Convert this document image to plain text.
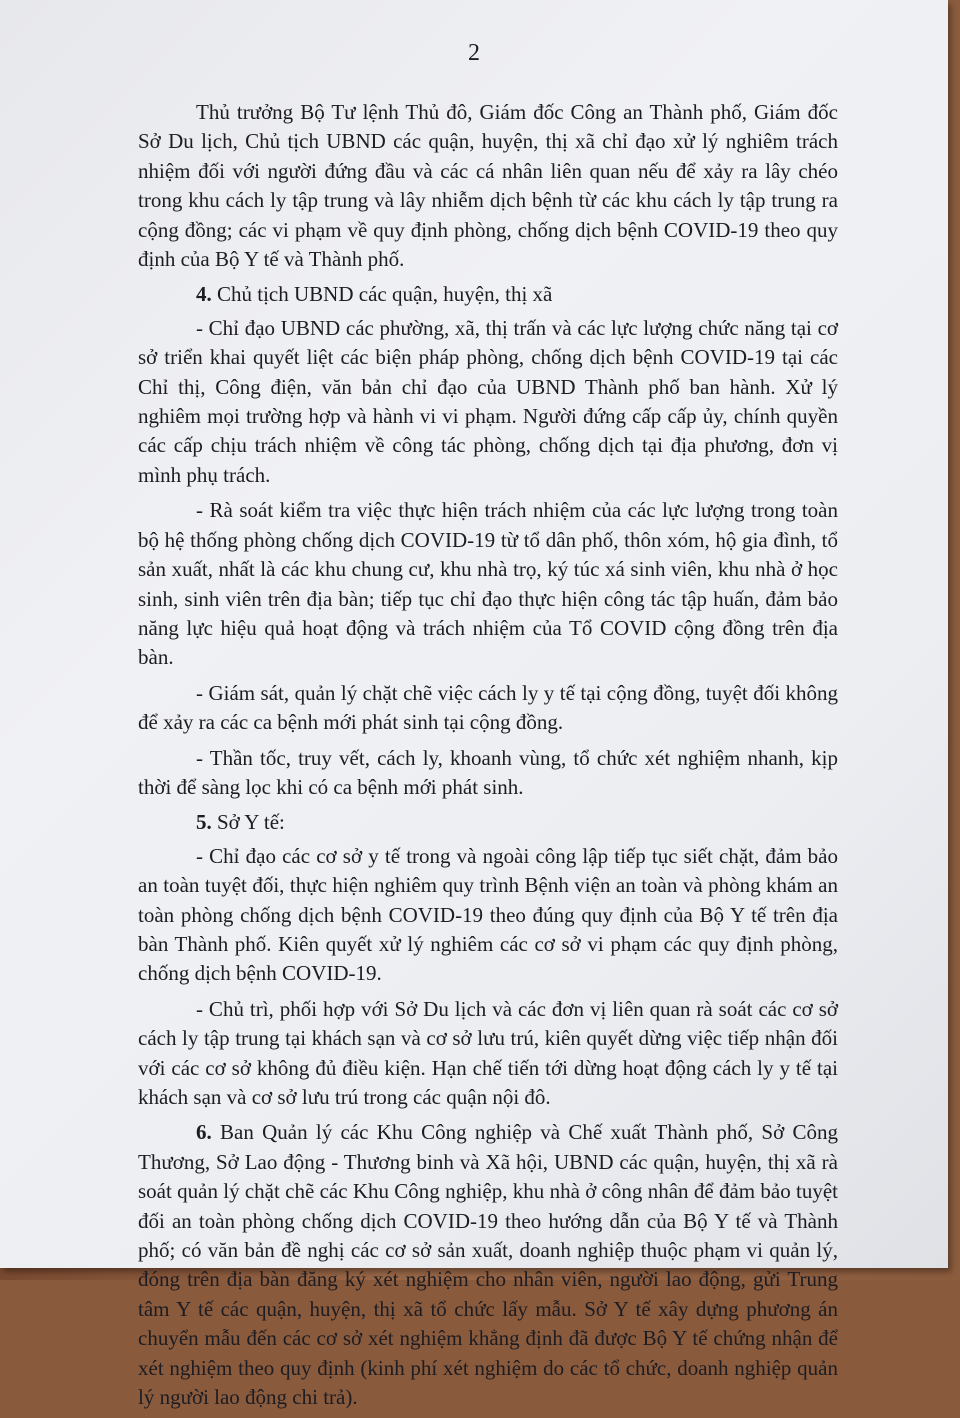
2

Thủ trưởng Bộ Tư lệnh Thủ đô, Giám đốc Công an Thành phố, Giám đốc Sở Du lịch, Chủ tịch UBND các quận, huyện, thị xã chỉ đạo xử lý nghiêm trách nhiệm đối với người đứng đầu và các cá nhân liên quan nếu để xảy ra lây chéo trong khu cách ly tập trung và lây nhiễm dịch bệnh từ các khu cách ly tập trung ra cộng đồng; các vi phạm về quy định phòng, chống dịch bệnh COVID-19 theo quy định của Bộ Y tế và Thành phố.

4. Chủ tịch UBND các quận, huyện, thị xã

- Chỉ đạo UBND các phường, xã, thị trấn và các lực lượng chức năng tại cơ sở triển khai quyết liệt các biện pháp phòng, chống dịch bệnh COVID-19 tại các Chỉ thị, Công điện, văn bản chỉ đạo của UBND Thành phố ban hành. Xử lý nghiêm mọi trường hợp và hành vi vi phạm. Người đứng cấp cấp ủy, chính quyền các cấp chịu trách nhiệm về công tác phòng, chống dịch tại địa phương, đơn vị mình phụ trách.

- Rà soát kiểm tra việc thực hiện trách nhiệm của các lực lượng trong toàn bộ hệ thống phòng chống dịch COVID-19 từ tổ dân phố, thôn xóm, hộ gia đình, tổ sản xuất, nhất là các khu chung cư, khu nhà trọ, ký túc xá sinh viên, khu nhà ở học sinh, sinh viên trên địa bàn; tiếp tục chỉ đạo thực hiện công tác tập huấn, đảm bảo năng lực hiệu quả hoạt động và trách nhiệm của Tổ COVID cộng đồng trên địa bàn.

- Giám sát, quản lý chặt chẽ việc cách ly y tế tại cộng đồng, tuyệt đối không để xảy ra các ca bệnh mới phát sinh tại cộng đồng.

- Thần tốc, truy vết, cách ly, khoanh vùng, tổ chức xét nghiệm nhanh, kịp thời để sàng lọc khi có ca bệnh mới phát sinh.

5. Sở Y tế:

- Chỉ đạo các cơ sở y tế trong và ngoài công lập tiếp tục siết chặt, đảm bảo an toàn tuyệt đối, thực hiện nghiêm quy trình Bệnh viện an toàn và phòng khám an toàn phòng chống dịch bệnh COVID-19 theo đúng quy định của Bộ Y tế trên địa bàn Thành phố. Kiên quyết xử lý nghiêm các cơ sở vi phạm các quy định phòng, chống dịch bệnh COVID-19.

- Chủ trì, phối hợp với Sở Du lịch và các đơn vị liên quan rà soát các cơ sở cách ly tập trung tại khách sạn và cơ sở lưu trú, kiên quyết dừng việc tiếp nhận đối với các cơ sở không đủ điều kiện. Hạn chế tiến tới dừng hoạt động cách ly y tế tại khách sạn và cơ sở lưu trú trong các quận nội đô.

6. Ban Quản lý các Khu Công nghiệp và Chế xuất Thành phố, Sở Công Thương, Sở Lao động - Thương binh và Xã hội, UBND các quận, huyện, thị xã rà soát quản lý chặt chẽ các Khu Công nghiệp, khu nhà ở công nhân để đảm bảo tuyệt đối an toàn phòng chống dịch COVID-19 theo hướng dẫn của Bộ Y tế và Thành phố; có văn bản đề nghị các cơ sở sản xuất, doanh nghiệp thuộc phạm vi quản lý, đóng trên địa bàn đăng ký xét nghiệm cho nhân viên, người lao động, gửi Trung tâm Y tế các quận, huyện, thị xã tổ chức lấy mẫu. Sở Y tế xây dựng phương án chuyển mẫu đến các cơ sở xét nghiệm khẳng định đã được Bộ Y tế chứng nhận để xét nghiệm theo quy định (kinh phí xét nghiệm do các tổ chức, doanh nghiệp quản lý người lao động chi trả).
